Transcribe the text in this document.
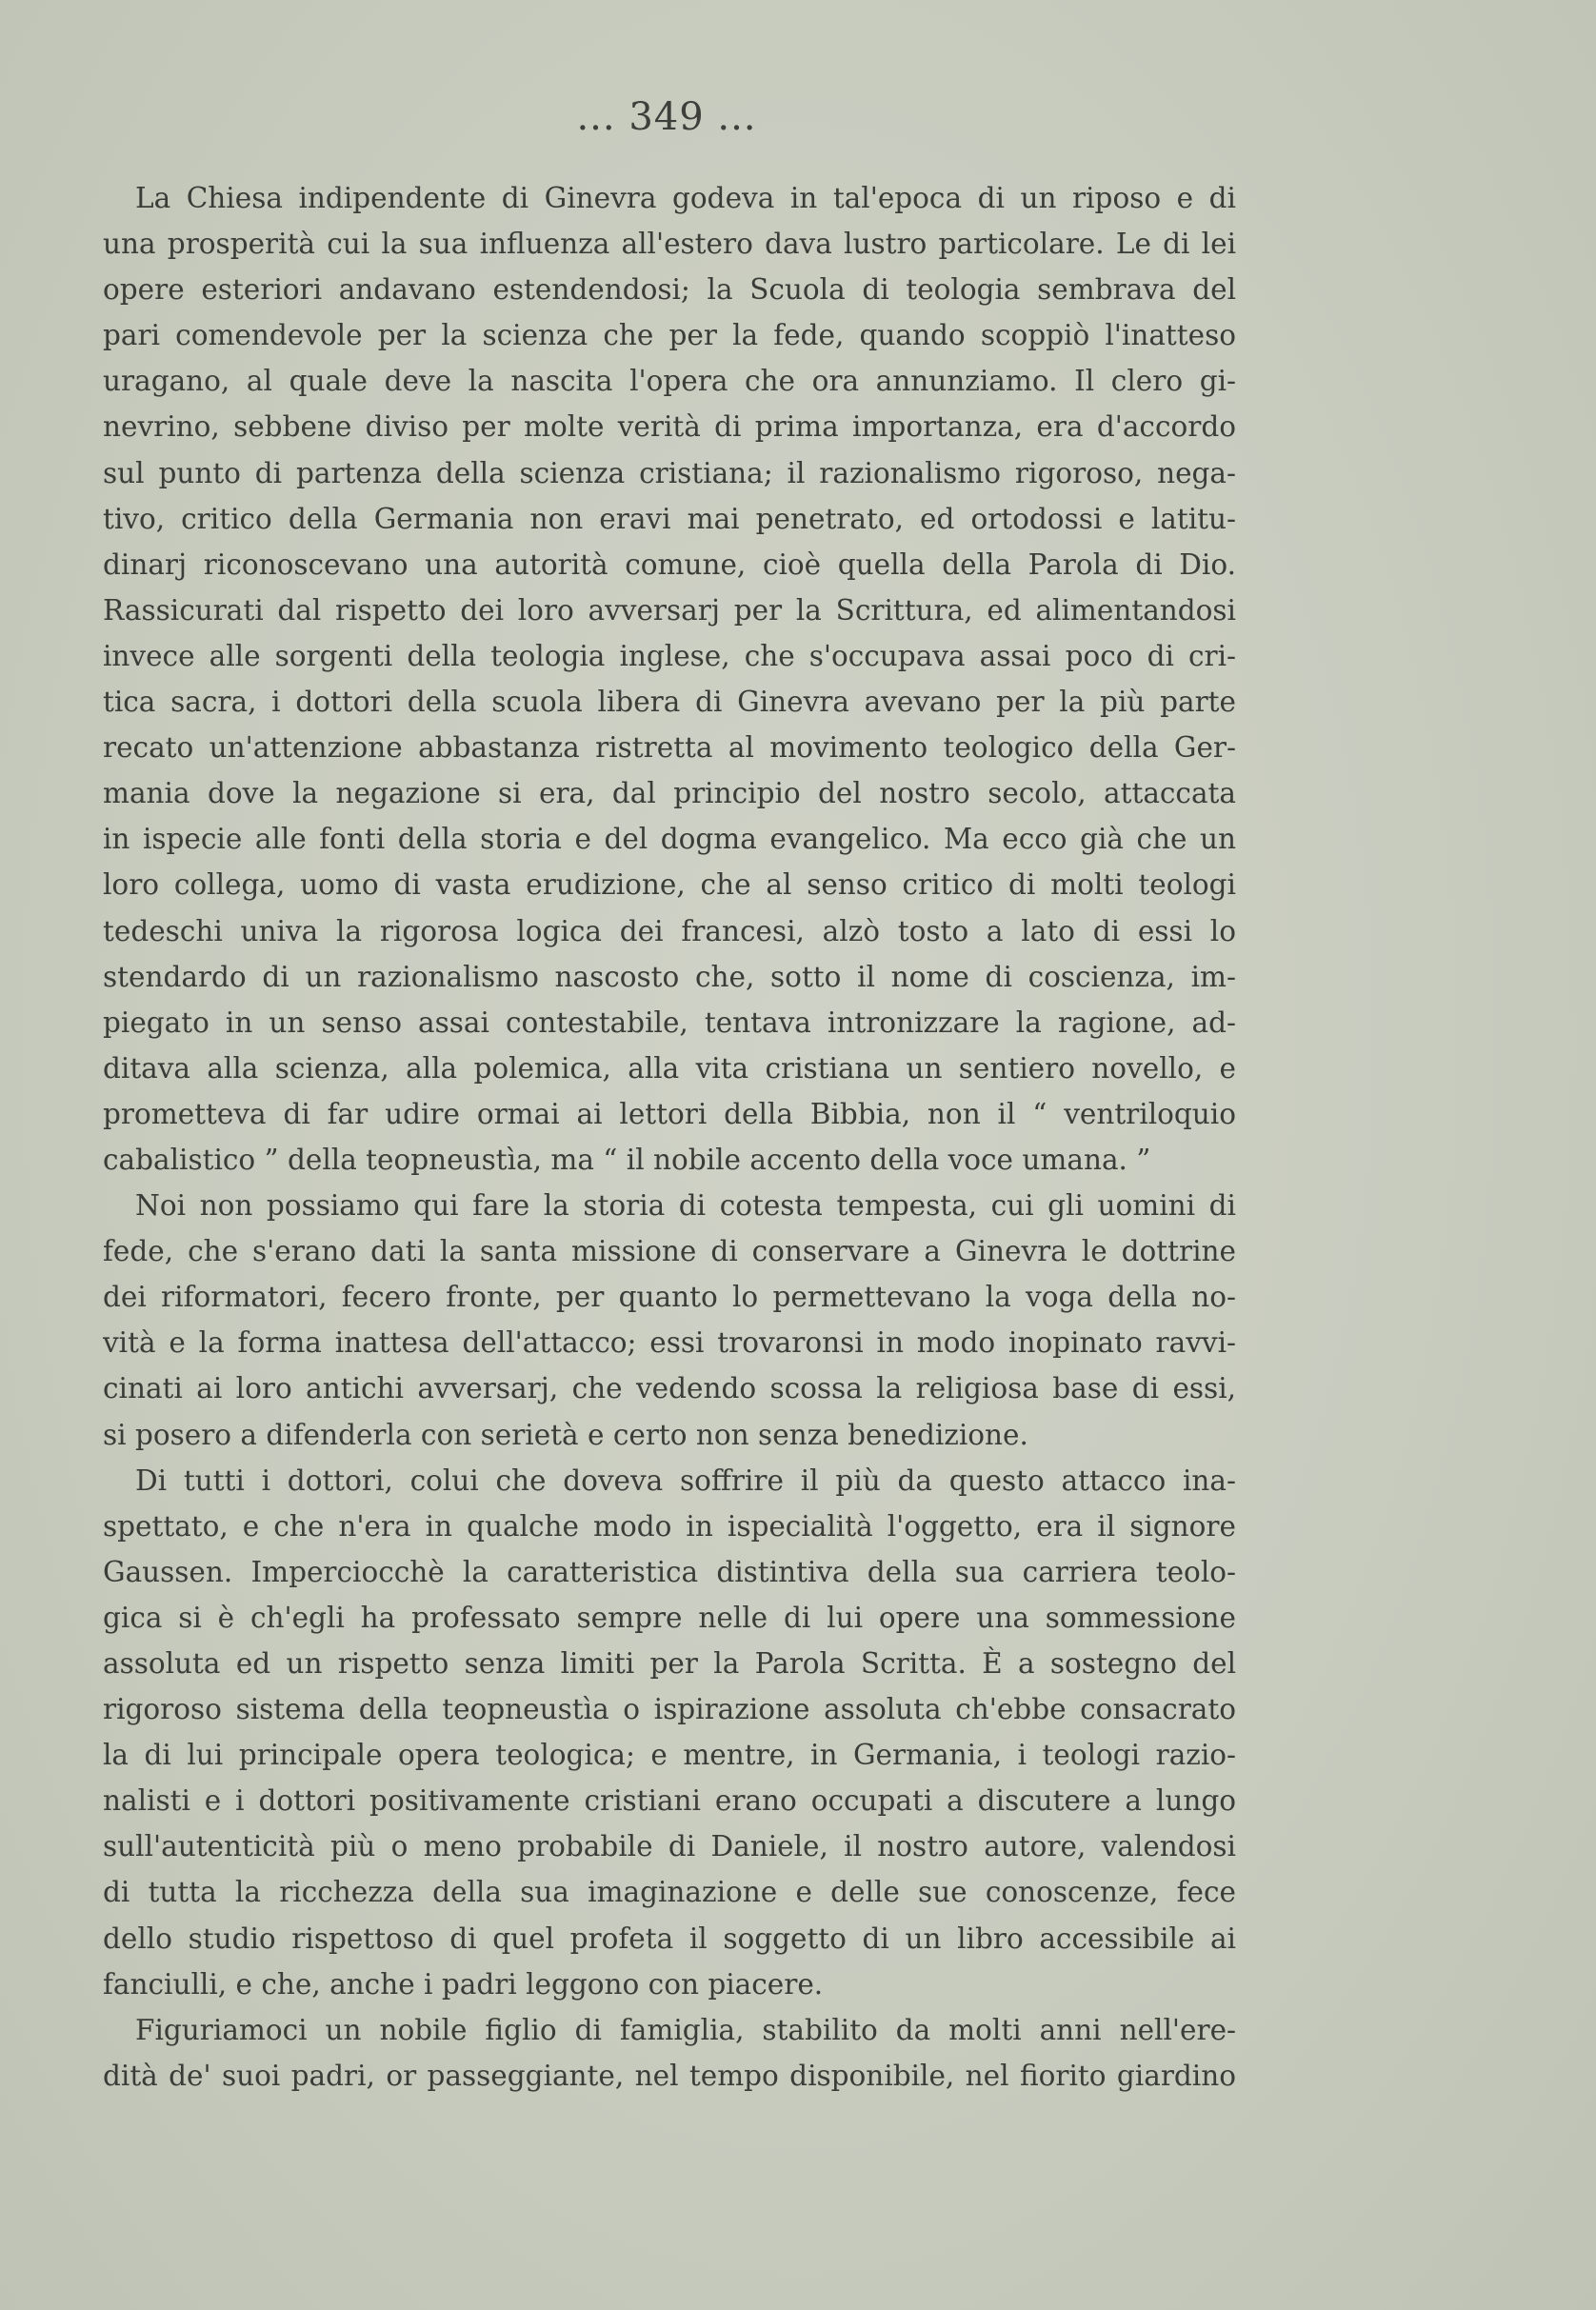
... 349 ...
La Chiesa indipendente di Ginevra godeva in tal'epoca di un riposo e di
una prosperità cui la sua influenza all'estero dava lustro particolare. Le di lei
opere esteriori andavano estendendosi; la Scuola di teologia sembrava del
pari comendevole per la scienza che per la fede, quando scoppiò l'inatteso
uragano, al quale deve la nascita l'opera che ora annunziamo. Il clero gi-
nevrino, sebbene diviso per molte verità di prima importanza, era d'accordo
sul punto di partenza della scienza cristiana; il razionalismo rigoroso, nega-
tivo, critico della Germania non eravi mai penetrato, ed ortodossi e latitu-
dinarj riconoscevano una autorità comune, cioè quella della Parola di Dio.
Rassicurati dal rispetto dei loro avversarj per la Scrittura, ed alimentandosi
invece alle sorgenti della teologia inglese, che s'occupava assai poco di cri-
tica sacra, i dottori della scuola libera di Ginevra avevano per la più parte
recato un'attenzione abbastanza ristretta al movimento teologico della Ger-
mania dove la negazione si era, dal principio del nostro secolo, attaccata
in ispecie alle fonti della storia e del dogma evangelico. Ma ecco già che un
loro collega, uomo di vasta erudizione, che al senso critico di molti teologi
tedeschi univa la rigorosa logica dei francesi, alzò tosto a lato di essi lo
stendardo di un razionalismo nascosto che, sotto il nome di coscienza, im-
piegato in un senso assai contestabile, tentava intronizzare la ragione, ad-
ditava alla scienza, alla polemica, alla vita cristiana un sentiero novello, e
prometteva di far udire ormai ai lettori della Bibbia, non il “ ventriloquio
cabalistico ” della teopneustìa, ma “ il nobile accento della voce umana. ”
Noi non possiamo qui fare la storia di cotesta tempesta, cui gli uomini di
fede, che s'erano dati la santa missione di conservare a Ginevra le dottrine
dei riformatori, fecero fronte, per quanto lo permettevano la voga della no-
vità e la forma inattesa dell'attacco; essi trovaronsi in modo inopinato ravvi-
cinati ai loro antichi avversarj, che vedendo scossa la religiosa base di essi,
si posero a difenderla con serietà e certo non senza benedizione.
Di tutti i dottori, colui che doveva soffrire il più da questo attacco ina-
spettato, e che n'era in qualche modo in ispecialità l'oggetto, era il signore
Gaussen. Imperciocchè la caratteristica distintiva della sua carriera teolo-
gica si è ch'egli ha professato sempre nelle di lui opere una sommessione
assoluta ed un rispetto senza limiti per la Parola Scritta. È a sostegno del
rigoroso sistema della teopneustìa o ispirazione assoluta ch'ebbe consacrato
la di lui principale opera teologica; e mentre, in Germania, i teologi razio-
nalisti e i dottori positivamente cristiani erano occupati a discutere a lungo
sull'autenticità più o meno probabile di Daniele, il nostro autore, valendosi
di tutta la ricchezza della sua imaginazione e delle sue conoscenze, fece
dello studio rispettoso di quel profeta il soggetto di un libro accessibile ai
fanciulli, e che, anche i padri leggono con piacere.
Figuriamoci un nobile figlio di famiglia, stabilito da molti anni nell'ere-
dità de' suoi padri, or passeggiante, nel tempo disponibile, nel fiorito giardino
